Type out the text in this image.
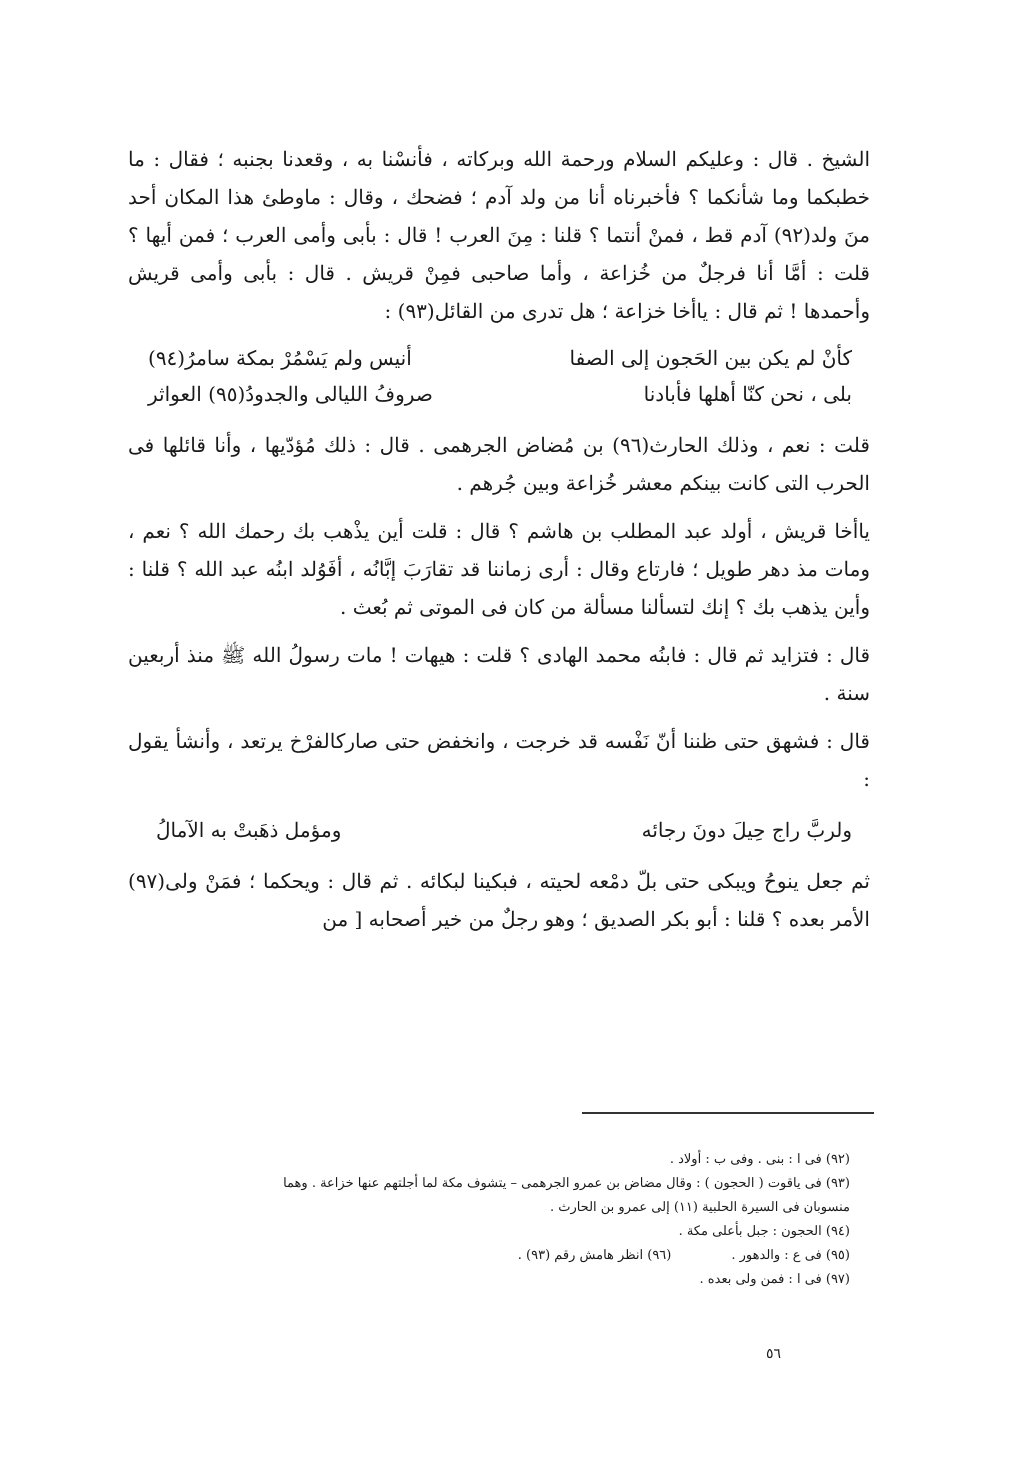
الشيخ . قال : وعليكم السلام ورحمة الله وبركاته ، فأنسْنا به ، وقعدنا بجنبه ؛ فقال : ما خطبكما وما شأنكما ؟ فأخبرناه أنا من ولد آدم ؛ فضحك ، وقال : ماوطئ هذا المكان أحد منَ ولد(٩٢) آدم قط ، فمنْ أنتما ؟ قلنا : مِنَ العرب ! قال : بأبى وأمى العرب ؛ فمن أيها ؟ قلت : أمَّا أنا فرجلٌ من خُزاعة ، وأما صاحبى فمِنْ قريش . قال : بأبى وأمى قريش وأحمدها ! ثم قال : ياأخا خزاعة ؛ هل تدرى من القائل(٩٣) :

كأنْ لم يكن بين الحَجون إلى الصفا
أنيس ولم يَسْمُرْ بمكة سامرُ(٩٤)
بلى ، نحن كنّا أهلها فأبادنا
صروفُ الليالى والجدودُ(٩٥) العواثر

قلت : نعم ، وذلك الحارث(٩٦) بن مُضاض الجرهمى . قال : ذلك مُؤدّيها ، وأنا قائلها فى الحرب التى كانت بينكم معشر خُزاعة وبين جُرهم .

ياأخا قريش ، أولد عبد المطلب بن هاشم ؟ قال : قلت أين يذْهب بك رحمك الله ؟ نعم ، ومات مذ دهر طويل ؛ فارتاع وقال : أرى زماننا قد تقارَبَ إبَّانُه ، أفَوُلد ابنُه عبد الله ؟ قلنا : وأين يذهب بك ؟ إنك لتسألنا مسألة من كان فى الموتى ثم بُعث .

قال : فتزايد ثم قال : فابنُه محمد الهادى ؟ قلت : هيهات ! مات رسولُ الله ﷺ منذ أربعين سنة .

قال : فشهق حتى ظننا أنّ نَفْسه قد خرجت ، وانخفض حتى صاركالفرْخ يرتعد ، وأنشأ يقول :

ولربَّ راج حِيلَ دونَ رجائه
ومؤمل ذهَبتْ به الآمالُ

ثم جعل ينوحُ ويبكى حتى بلّ دمْعه لحيته ، فبكينا لبكائه . ثم قال : ويحكما ؛ فمَنْ ولى(٩٧) الأمر بعده ؟ قلنا : أبو بكر الصديق ؛ وهو رجلٌ من خير أصحابه [ من

(٩٢) فى ا : بنى . وفى ب : أولاد .

(٩٣) فى ياقوت ( الحجون ) : وقال مضاض بن عمرو الجرهمى – يتشوف مكة لما أجلتهم عنها خزاعة . وهما

منسوبان فى السيرة الحلبية (١١) إلى عمرو بن الحارث .

(٩٤) الحجون : جبل بأعلى مكة .

(٩٥) فى ع : والدهور .
(٩٦) انظر هامش رقم (٩٣) .

(٩٧) فى ا : فمن ولى بعده .

٥٦
